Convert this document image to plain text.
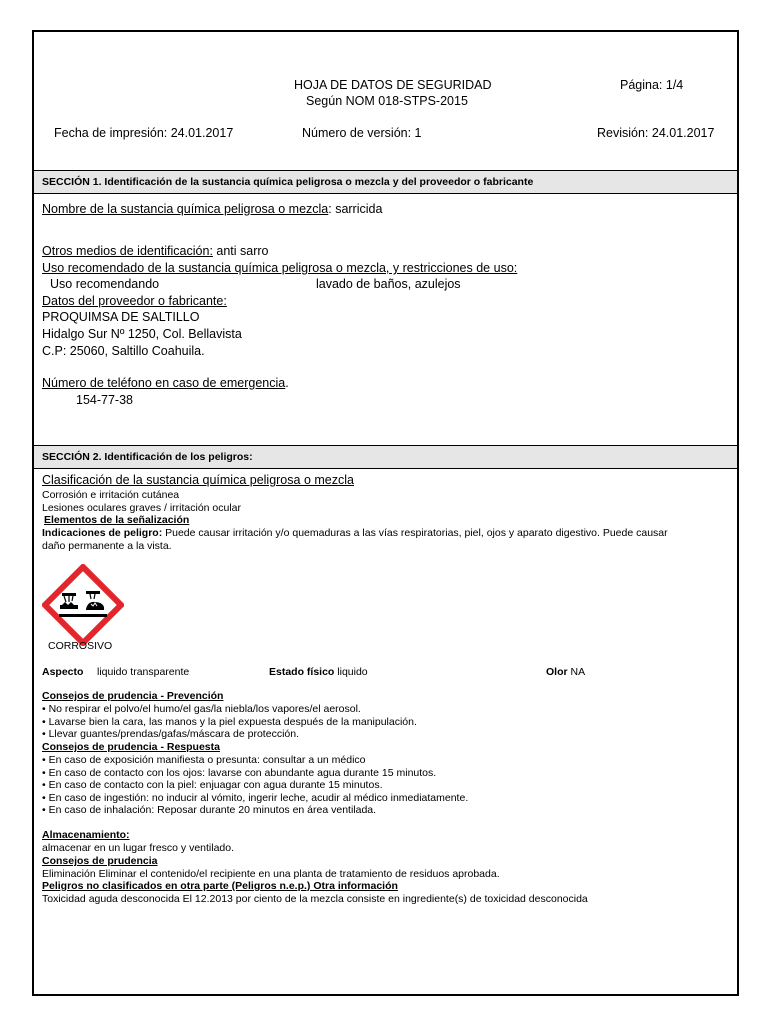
HOJA DE DATOS DE SEGURIDAD
Según NOM 018-STPS-2015
Página: 1/4
Fecha de impresión: 24.01.2017	Número de versión: 1	Revisión: 24.01.2017
SECCIÓN 1. Identificación de la sustancia química peligrosa o mezcla y del proveedor o fabricante
Nombre de la sustancia química peligrosa o mezcla: sarricida
Otros medios de identificación: anti sarro
Uso recomendado de la sustancia química peligrosa o mezcla, y restricciones de uso:
Uso recomendando	lavado de baños, azulejos
Datos del proveedor o fabricante:
PROQUIMSA DE SALTILLO
Hidalgo Sur Nº 1250, Col. Bellavista
C.P: 25060, Saltillo Coahuila.
Número de teléfono en caso de emergencia.
154-77-38
SECCIÓN 2. Identificación de los peligros:
Clasificación de la sustancia química peligrosa o mezcla
Corrosión e irritación cutánea
Lesiones oculares graves / irritación ocular
Elementos de la señalización
Indicaciones de peligro: Puede causar irritación y/o quemaduras a las vías respiratorias, piel, ojos y aparato digestivo. Puede causar
daño permanente a la vista.
CORROSIVO
Aspecto liquido transparente	Estado físico liquido	Olor NA
Consejos de prudencia - Prevención
• No respirar el polvo/el humo/el gas/la niebla/los vapores/el aerosol.
• Lavarse bien la cara, las manos y la piel expuesta después de la manipulación.
• Llevar guantes/prendas/gafas/máscara de protección.
Consejos de prudencia - Respuesta
• En caso de exposición manifiesta o presunta: consultar a un médico
• En caso de contacto con los ojos: lavarse con abundante agua durante 15 minutos.
• En caso de contacto con la piel: enjuagar con agua durante 15 minutos.
• En caso de ingestión: no inducir al vómito, ingerir leche, acudir al médico inmediatamente.
• En caso de inhalación: Reposar durante 20 minutos en área ventilada.
Almacenamiento:
almacenar en un lugar fresco y ventilado.
Consejos de prudencia
Eliminación Eliminar el contenido/el recipiente en una planta de tratamiento de residuos aprobada.
Peligros no clasificados en otra parte (Peligros n.e.p.) Otra información
Toxicidad aguda desconocida El 12.2013 por ciento de la mezcla consiste en ingrediente(s) de toxicidad desconocida
